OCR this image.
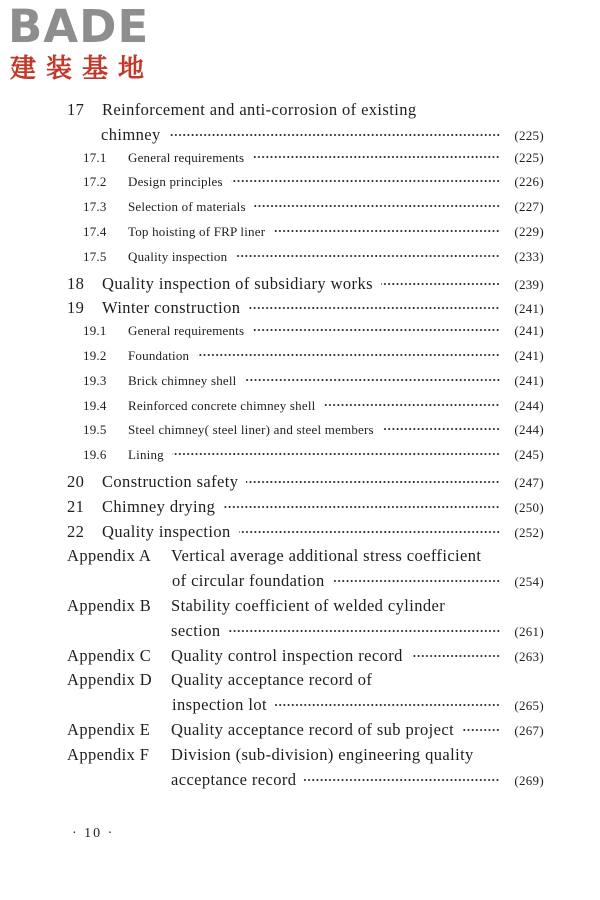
BADE
建装基地
17	Reinforcement and anti-corrosion of existing
chimney	(225)
17.1	General requirements	(225)
17.2	Design principles	(226)
17.3	Selection of materials	(227)
17.4	Top hoisting of FRP liner	(229)
17.5	Quality inspection	(233)
18	Quality inspection of subsidiary works	(239)
19	Winter construction	(241)
19.1	General requirements	(241)
19.2	Foundation	(241)
19.3	Brick chimney shell	(241)
19.4	Reinforced concrete chimney shell	(244)
19.5	Steel chimney( steel liner) and steel members	(244)
19.6	Lining	(245)
20	Construction safety	(247)
21	Chimney drying	(250)
22	Quality inspection	(252)
Appendix A	Vertical average additional stress coefficient
of circular foundation	(254)
Appendix B	Stability coefficient of welded cylinder
section	(261)
Appendix C	Quality control inspection record	(263)
Appendix D	Quality acceptance record of
inspection lot	(265)
Appendix E	Quality acceptance record of sub project	(267)
Appendix F	Division (sub-division) engineering quality
acceptance record	(269)
· 10 ·
